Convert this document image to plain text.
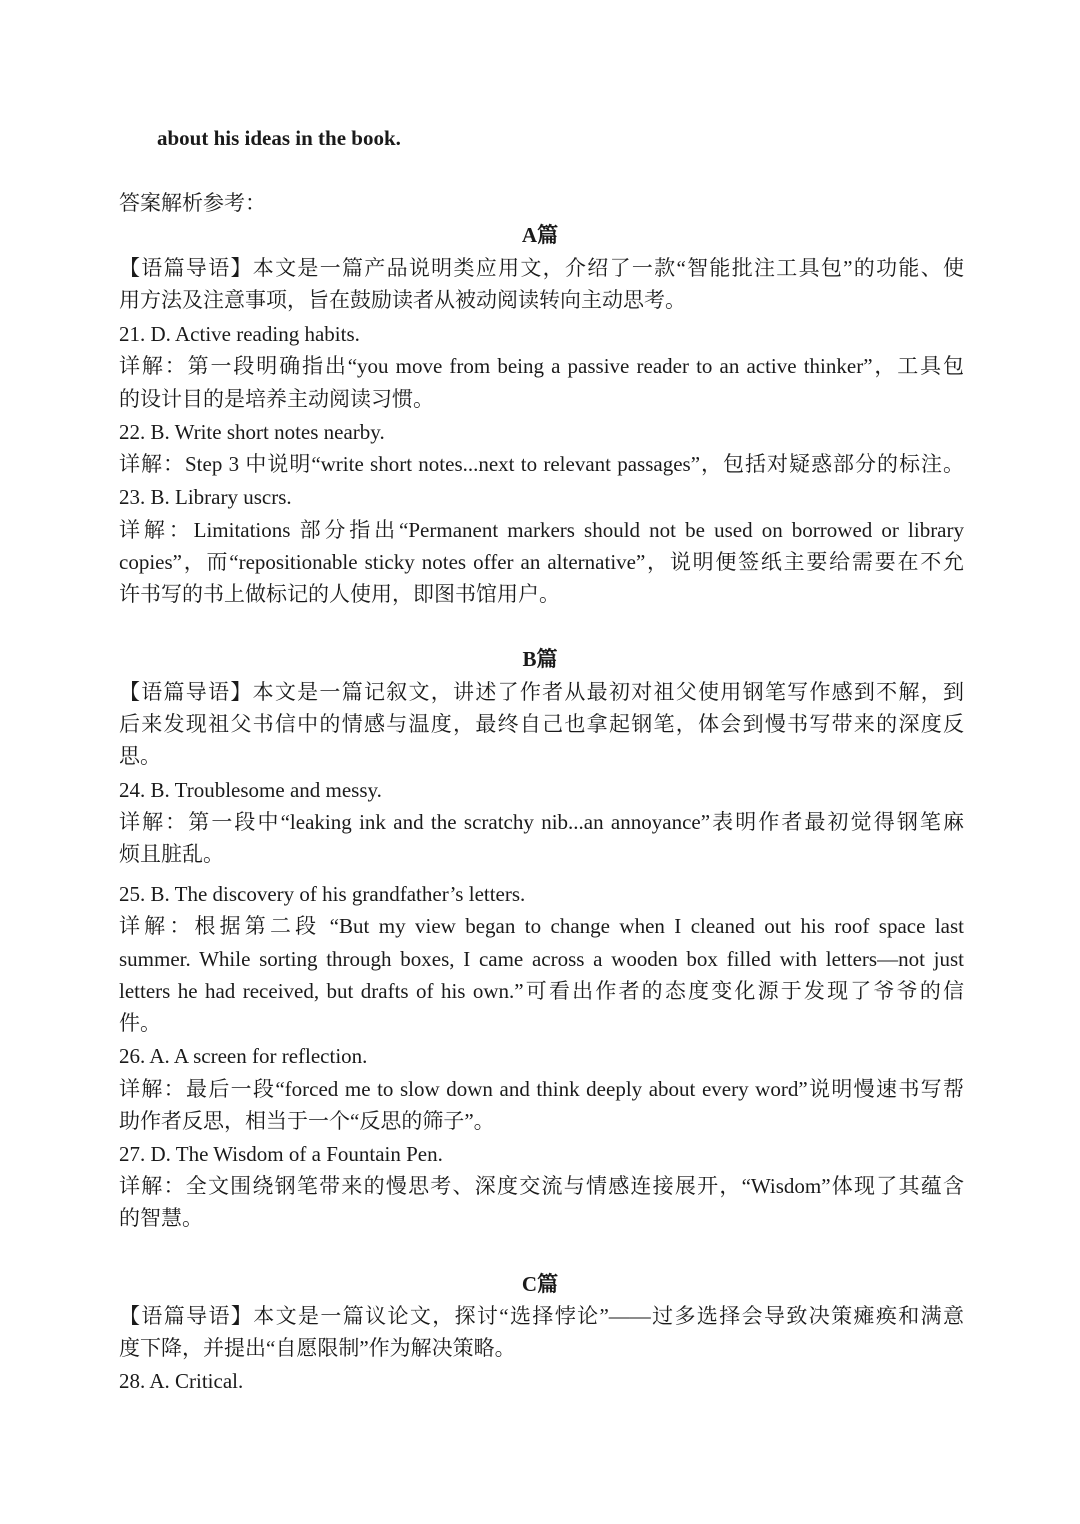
about his ideas in the book.
答案解析参考：
A篇
【语篇导语】本文是一篇产品说明类应用文，介绍了一款“智能批注工具包”的功能、使
用方法及注意事项，旨在鼓励读者从被动阅读转向主动思考。
21. D. Active reading habits.
详解：第一段明确指出“you move from being a passive reader to an active thinker”，工具包
的设计目的是培养主动阅读习惯。
22. B. Write short notes nearby.
详解：Step 3 中说明“write short notes...next to relevant passages”，包括对疑惑部分的标注。
23. B. Library uscrs.
详解：Limitations 部分指出“Permanent markers should not be used on borrowed or library
copies”，而“repositionable sticky notes offer an alternative”，说明便签纸主要给需要在不允
许书写的书上做标记的人使用，即图书馆用户。
B篇
【语篇导语】本文是一篇记叙文，讲述了作者从最初对祖父使用钢笔写作感到不解，到
后来发现祖父书信中的情感与温度，最终自己也拿起钢笔，体会到慢书写带来的深度反
思。
24. B. Troublesome and messy.
详解：第一段中“leaking ink and the scratchy nib...an annoyance”表明作者最初觉得钢笔麻
烦且脏乱。
25. B. The discovery of his grandfather’s letters.
详解：根据第二段 “But my view began to change when I cleaned out his roof space last
summer. While sorting through boxes, I came across a wooden box filled with letters—not just
letters he had received, but drafts of his own.”可看出作者的态度变化源于发现了爷爷的信
件。
26. A. A screen for reflection.
详解：最后一段“forced me to slow down and think deeply about every word”说明慢速书写帮
助作者反思，相当于一个“反思的筛子”。
27. D. The Wisdom of a Fountain Pen.
详解：全文围绕钢笔带来的慢思考、深度交流与情感连接展开，“Wisdom”体现了其蕴含
的智慧。
C篇
【语篇导语】本文是一篇议论文，探讨“选择悖论”——过多选择会导致决策瘫痪和满意
度下降，并提出“自愿限制”作为解决策略。
28. A. Critical.
